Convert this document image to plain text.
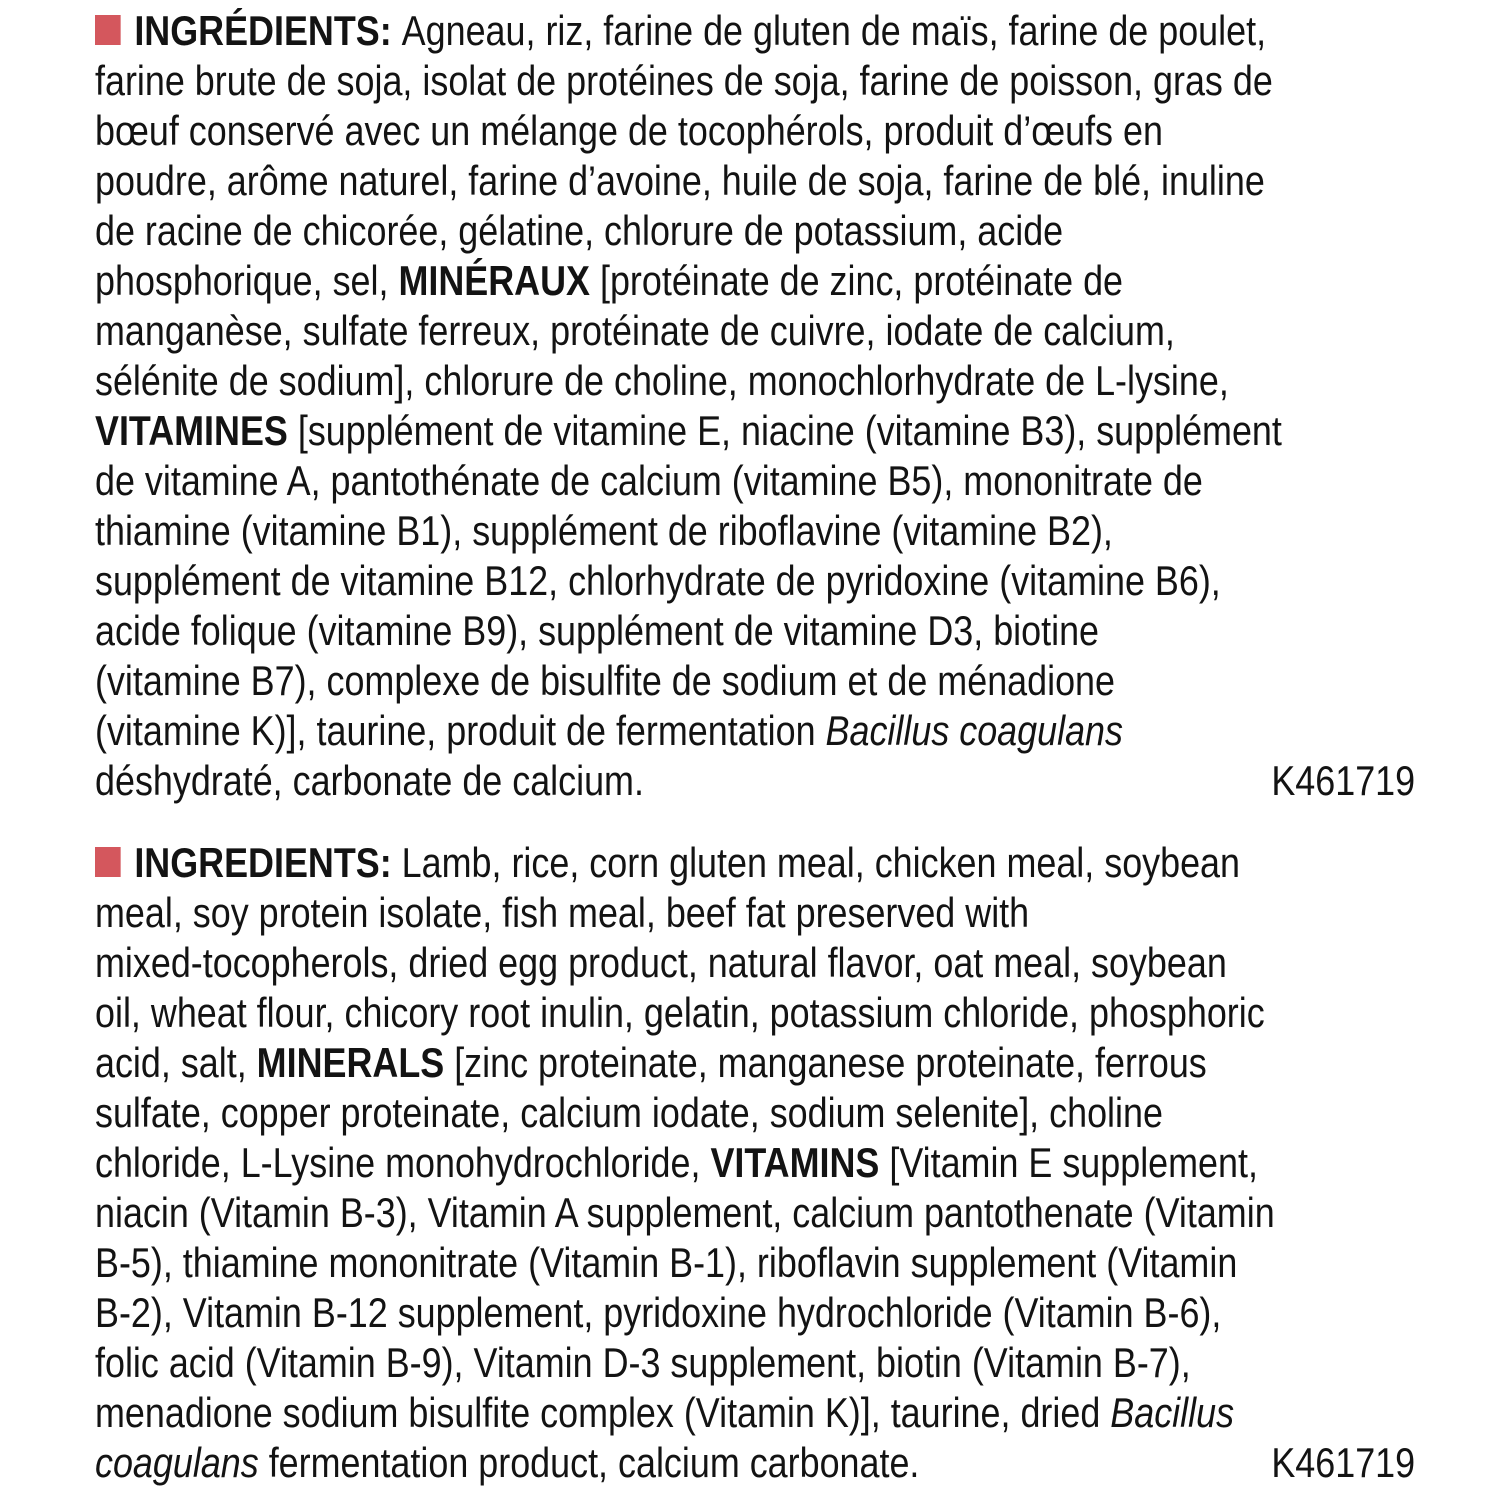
INGRÉDIENTS: Agneau, riz, farine de gluten de maïs, farine de poulet,
farine brute de soja, isolat de protéines de soja, farine de poisson, gras de
bœuf conservé avec un mélange de tocophérols, produit d’œufs en
poudre, arôme naturel, farine d’avoine, huile de soja, farine de blé, inuline
de racine de chicorée, gélatine, chlorure de potassium, acide
phosphorique, sel, MINÉRAUX [protéinate de zinc, protéinate de
manganèse, sulfate ferreux, protéinate de cuivre, iodate de calcium,
sélénite de sodium], chlorure de choline, monochlorhydrate de L-lysine,
VITAMINES [supplément de vitamine E, niacine (vitamine B3), supplément
de vitamine A, pantothénate de calcium (vitamine B5), mononitrate de
thiamine (vitamine B1), supplément de riboflavine (vitamine B2),
supplément de vitamine B12, chlorhydrate de pyridoxine (vitamine B6),
acide folique (vitamine B9), supplément de vitamine D3, biotine
(vitamine B7), complexe de bisulfite de sodium et de ménadione
(vitamine K)], taurine, produit de fermentation Bacillus coagulans
déshydraté, carbonate de calcium.	K461719
INGREDIENTS: Lamb, rice, corn gluten meal, chicken meal, soybean
meal, soy protein isolate, fish meal, beef fat preserved with
mixed-tocopherols, dried egg product, natural flavor, oat meal, soybean
oil, wheat flour, chicory root inulin, gelatin, potassium chloride, phosphoric
acid, salt, MINERALS [zinc proteinate, manganese proteinate, ferrous
sulfate, copper proteinate, calcium iodate, sodium selenite], choline
chloride, L-Lysine monohydrochloride, VITAMINS [Vitamin E supplement,
niacin (Vitamin B-3), Vitamin A supplement, calcium pantothenate (Vitamin
B-5), thiamine mononitrate (Vitamin B-1), riboflavin supplement (Vitamin
B-2), Vitamin B-12 supplement, pyridoxine hydrochloride (Vitamin B-6),
folic acid (Vitamin B-9), Vitamin D-3 supplement, biotin (Vitamin B-7),
menadione sodium bisulfite complex (Vitamin K)], taurine, dried Bacillus
coagulans fermentation product, calcium carbonate.	K461719
